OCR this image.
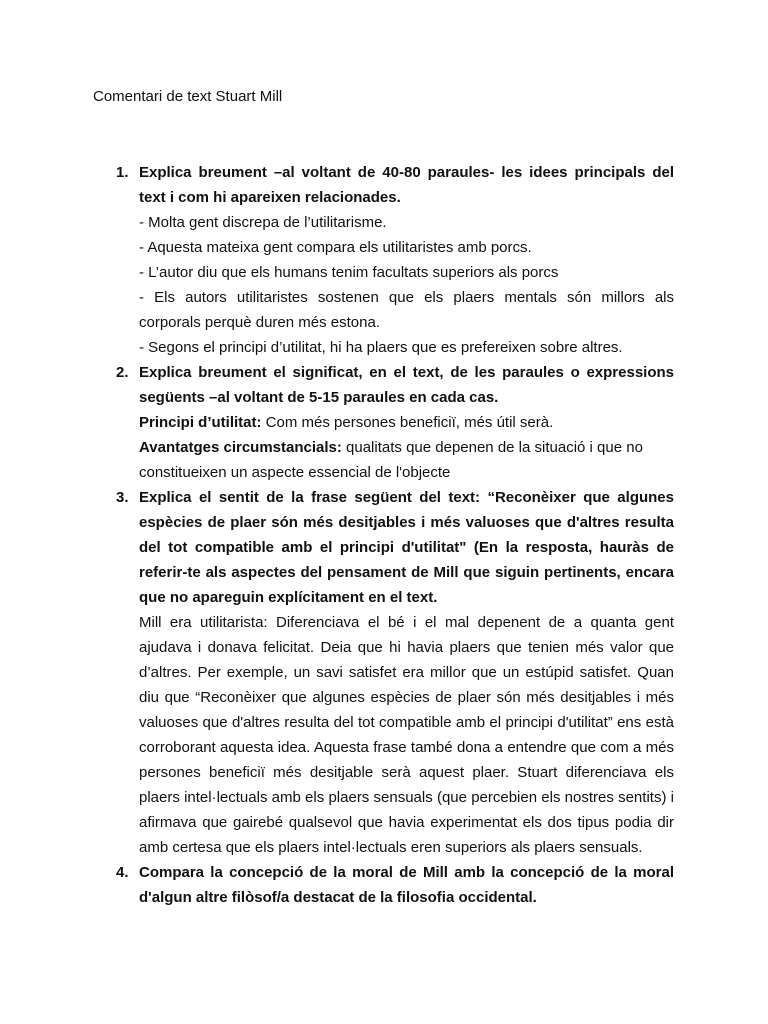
Comentari de text Stuart Mill
1. Explica breument –al voltant de 40-80 paraules- les idees principals del text i com hi apareixen relacionades.

- Molta gent discrepa de l’utilitarisme.
- Aquesta mateixa gent compara els utilitaristes amb porcs.
- L’autor diu que els humans tenim facultats superiors als porcs
- Els autors utilitaristes sostenen que els plaers mentals són millors als corporals perquè duren més estona.
- Segons el principi d’utilitat, hi ha plaers que es prefereixen sobre altres.
2. Explica breument el significat, en el text, de les paraules o expressions següents –al voltant de 5-15 paraules en cada cas.

Principi d’utilitat: Com més persones beneficiï, més útil serà.
Avantatges circumstancials: qualitats que depenen de la situació i que no constitueixen un aspecte essencial de l'objecte
3. Explica el sentit de la frase següent del text: “Reconèixer que algunes espècies de plaer són més desitjables i més valuoses que d'altres resulta del tot compatible amb el principi d'utilitat" (En la resposta, hauràs de referir-te als aspectes del pensament de Mill que siguin pertinents, encara que no apareguin explícitament en el text.

Mill era utilitarista: Diferenciava el bé i el mal depenent de a quanta gent ajudava i donava felicitat. Deia que hi havia plaers que tenien més valor que d’altres. Per exemple, un savi satisfet era millor que un estúpid satisfet. Quan diu que “Reconèixer que algunes espècies de plaer són més desitjables i més valuoses que d'altres resulta del tot compatible amb el principi d'utilitat” ens està corroborant aquesta idea. Aquesta frase també dona a entendre que com a més persones beneficiï més desitjable serà aquest plaer. Stuart diferenciava els plaers intel·lectuals amb els plaers sensuals (que percebien els nostres sentits) i afirmava que gairebé qualsevol que havia experimentat els dos tipus podia dir amb certesa que els plaers intel·lectuals eren superiors als plaers sensuals.

4. Compara la concepció de la moral de Mill amb la concepció de la moral d'algun altre filòsof/a destacat de la filosofia occidental.
